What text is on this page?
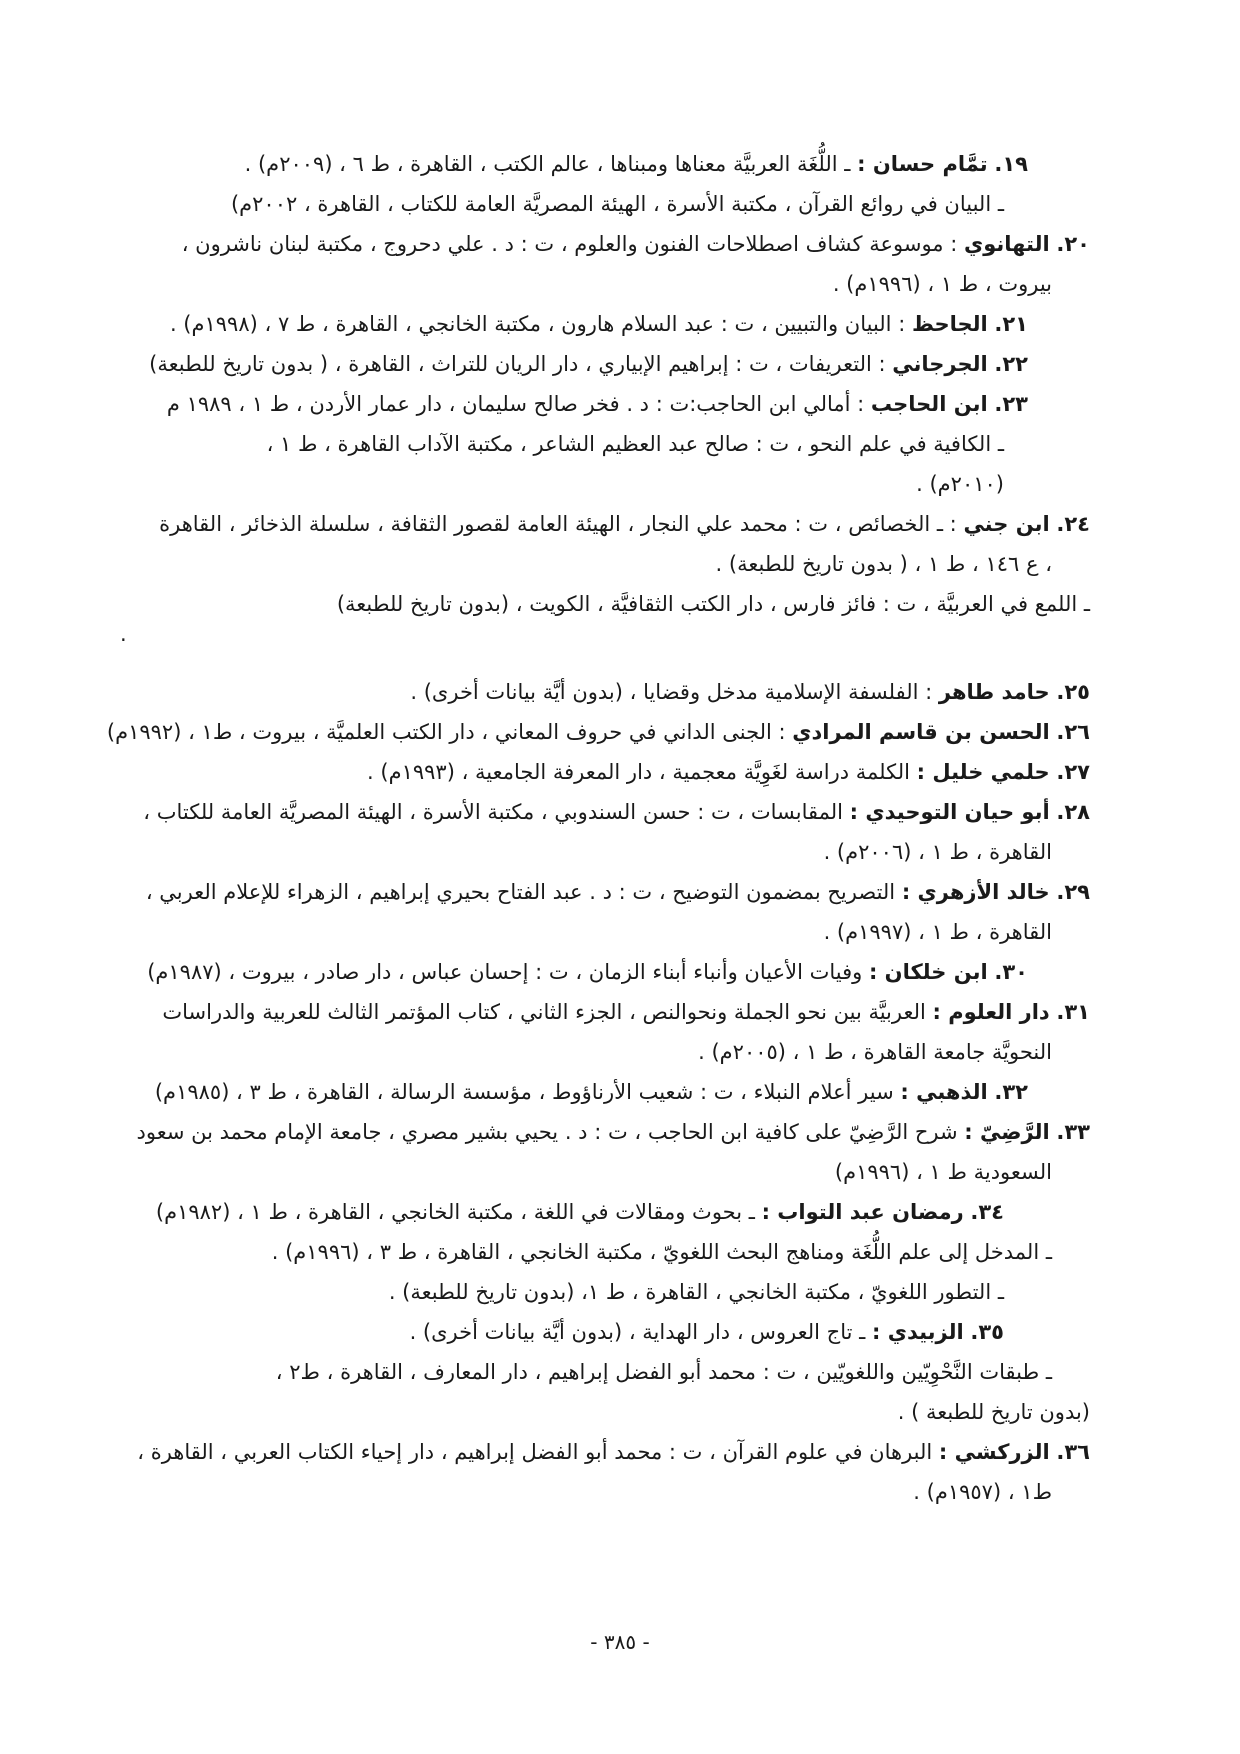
١٩. تمَّام حسان : ـ اللُّغَة العربيَّة معناها ومبناها ، عالم الكتب ، القاهرة ، ط ٦ ، (٢٠٠٩م) .
ـ البيان في روائع القرآن ، مكتبة الأسرة ، الهيئة المصريَّة العامة للكتاب ، القاهرة ، ٢٠٠٢م)
٢٠. التهانوي : موسوعة كشاف اصطلاحات الفنون والعلوم ، ت : د . علي دحروج ، مكتبة لبنان ناشرون ،
بيروت ، ط ١ ، (١٩٩٦م) .
٢١. الجاحظ : البيان والتبيين ، ت : عبد السلام هارون ، مكتبة الخانجي ، القاهرة ، ط ٧ ، (١٩٩٨م) .
٢٢. الجرجاني : التعريفات ، ت : إبراهيم الإبياري ، دار الريان للتراث ، القاهرة ، ( بدون تاريخ للطبعة)
٢٣. ابن الحاجب : أمالي ابن الحاجب:ت : د . فخر صالح سليمان ، دار عمار الأردن ، ط ١ ، ١٩٨٩ م
ـ الكافية في علم النحو ، ت : صالح عبد العظيم الشاعر ، مكتبة الآداب القاهرة ، ط ١ ،
(٢٠١٠م) .
٢٤. ابن جني : ـ الخصائص ، ت : محمد علي النجار ، الهيئة العامة لقصور الثقافة ، سلسلة الذخائر ، القاهرة
، ع ١٤٦ ، ط ١ ، ( بدون تاريخ للطبعة) .
ـ اللمع في العربيَّة ، ت : فائز فارس ، دار الكتب الثقافيَّة ، الكويت ، (بدون تاريخ للطبعة)
.
٢٥. حامد طاهر : الفلسفة الإسلامية مدخل وقضايا ، (بدون أيَّة بيانات أخرى) .
٢٦. الحسن بن قاسم المرادي : الجنى الداني في حروف المعاني ، دار الكتب العلميَّة ، بيروت ، ط١ ، (١٩٩٢م)
٢٧. حلمي خليل : الكلمة دراسة لغَوِيَّة معجمية ، دار المعرفة الجامعية ، (١٩٩٣م) .
٢٨. أبو حيان التوحيدي : المقابسات ، ت : حسن السندوبي ، مكتبة الأسرة ، الهيئة المصريَّة العامة للكتاب ،
القاهرة ، ط ١ ، (٢٠٠٦م) .
٢٩. خالد الأزهري : التصريح بمضمون التوضيح ، ت : د . عبد الفتاح بحيري إبراهيم ، الزهراء للإعلام العربي ،
القاهرة ، ط ١ ، (١٩٩٧م) .
٣٠. ابن خلكان : وفيات الأعيان وأنباء أبناء الزمان ، ت : إحسان عباس ، دار صادر ، بيروت ، (١٩٨٧م)
٣١. دار العلوم : العربيَّة بين نحو الجملة ونحوالنص ، الجزء الثاني ، كتاب المؤتمر الثالث للعربية والدراسات
النحويَّة جامعة القاهرة ، ط ١ ، (٢٠٠٥م) .
٣٢. الذهبي : سير أعلام النبلاء ، ت : شعيب الأرناؤوط ، مؤسسة الرسالة ، القاهرة ، ط ٣ ، (١٩٨٥م)
٣٣. الرَّضِيّ : شرح الرَّضِيّ على كافية ابن الحاجب ، ت : د . يحيي بشير مصري ، جامعة الإمام محمد بن سعود
السعودية ط ١ ، (١٩٩٦م)
٣٤. رمضان عبد التواب : ـ بحوث ومقالات في اللغة ، مكتبة الخانجي ، القاهرة ، ط ١ ، (١٩٨٢م)
ـ المدخل إلى علم اللُّغَة ومناهج البحث اللغويّ ، مكتبة الخانجي ، القاهرة ، ط ٣ ، (١٩٩٦م) .
ـ التطور اللغويّ ، مكتبة الخانجي ، القاهرة ، ط ١، (بدون تاريخ للطبعة) .
٣٥. الزبيدي : ـ تاج العروس ، دار الهداية ، (بدون أيَّة بيانات أخرى) .
ـ طبقات النَّحْوِيّين واللغويّين ، ت : محمد أبو الفضل إبراهيم ، دار المعارف ، القاهرة ، ط٢ ،
(بدون تاريخ للطبعة ) .
٣٦. الزركشي : البرهان في علوم القرآن ، ت : محمد أبو الفضل إبراهيم ، دار إحياء الكتاب العربي ، القاهرة ،
ط١ ، (١٩٥٧م) .
- ٣٨٥ -
